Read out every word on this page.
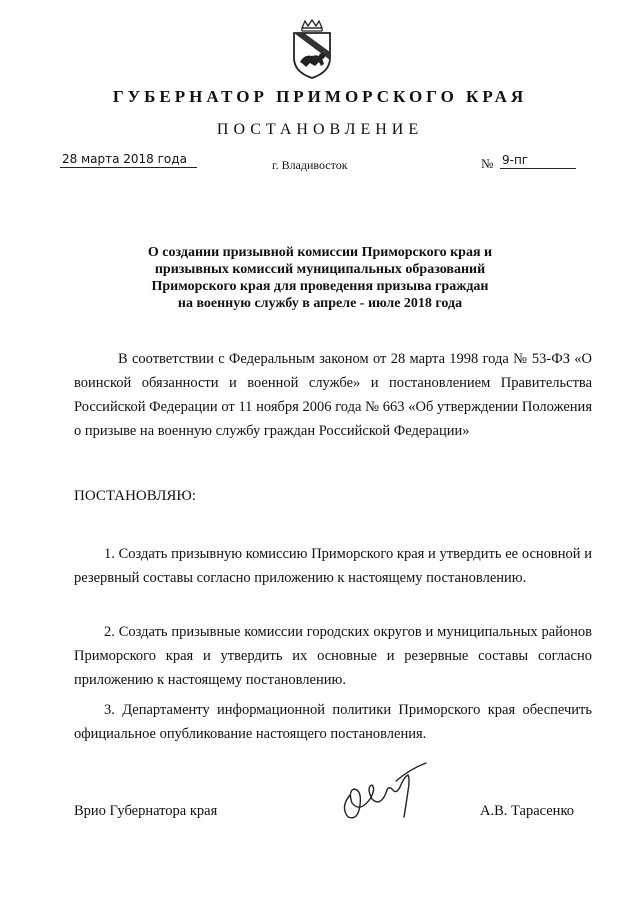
ГУБЕРНАТОР ПРИМОРСКОГО КРАЯ
ПОСТАНОВЛЕНИЕ
28 марта 2018 года	г. Владивосток	№ 9-пг
О создании призывной комиссии Приморского края и
призывных комиссий муниципальных образований
Приморского края для проведения призыва граждан
на военную службу в апреле - июле 2018 года
В соответствии с Федеральным законом от 28 марта 1998 года № 53-ФЗ «О воинской обязанности и военной службе» и постановлением Правительства Российской Федерации от 11 ноября 2006 года № 663 «Об утверждении Положения о призыве на военную службу граждан Российской Федерации»
ПОСТАНОВЛЯЮ:
1. Создать призывную комиссию Приморского края и утвердить ее основной и резервный составы согласно приложению к настоящему постановлению.
2. Создать призывные комиссии городских округов и муниципальных районов Приморского края и утвердить их основные и резервные составы согласно приложению к настоящему постановлению.
3. Департаменту информационной политики Приморского края обеспечить официальное опубликование настоящего постановления.
Врио Губернатора края	А.В. Тарасенко
